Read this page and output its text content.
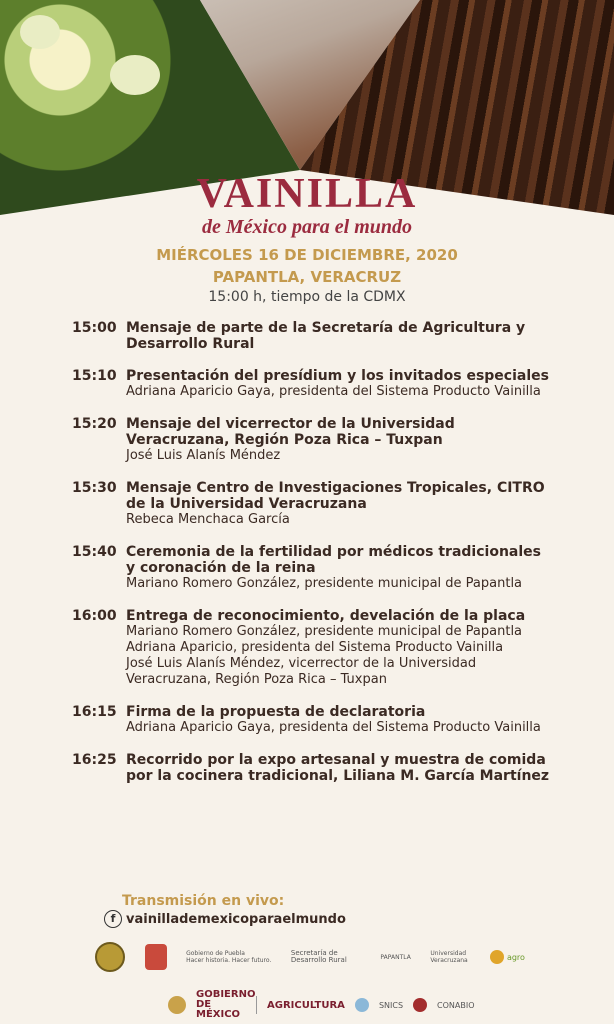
VAINILLA
de México para el mundo
MIÉRCOLES 16 DE DICIEMBRE, 2020
PAPANTLA, VERACRUZ
15:00 h, tiempo de la CDMX
15:00 Mensaje de parte de la Secretaría de Agricultura y Desarrollo Rural
15:10 Presentación del presídium y los invitados especiales
Adriana Aparicio Gaya, presidenta del Sistema Producto Vainilla
15:20 Mensaje del vicerrector de la Universidad Veracruzana, Región Poza Rica – Tuxpan
José Luis Alanís Méndez
15:30 Mensaje Centro de Investigaciones Tropicales, CITRO de la Universidad Veracruzana
Rebeca Menchaca García
15:40 Ceremonia de la fertilidad por médicos tradicionales y coronación de la reina
Mariano Romero González, presidente municipal de Papantla
16:00 Entrega de reconocimiento, develación de la placa
Mariano Romero González, presidente municipal de Papantla
Adriana Aparicio, presidenta del Sistema Producto Vainilla
José Luis Alanís Méndez, vicerrector de la Universidad Veracruzana, Región Poza Rica – Tuxpan
16:15 Firma de la propuesta de declaratoria
Adriana Aparicio Gaya, presidenta del Sistema Producto Vainilla
16:25 Recorrido por la expo artesanal y muestra de comida por la cocinera tradicional, Liliana M. García Martínez
Transmisión en vivo:
f vainillademexicoparaelmundo
Gobierno de Puebla
Hacer historia. Hacer futuro.
Secretaría de Desarrollo Rural	PAPANTLA	Universidad Veracruzana	agro
GOBIERNO DE MÉXICO
AGRICULTURA	SNICS	CONABIO
